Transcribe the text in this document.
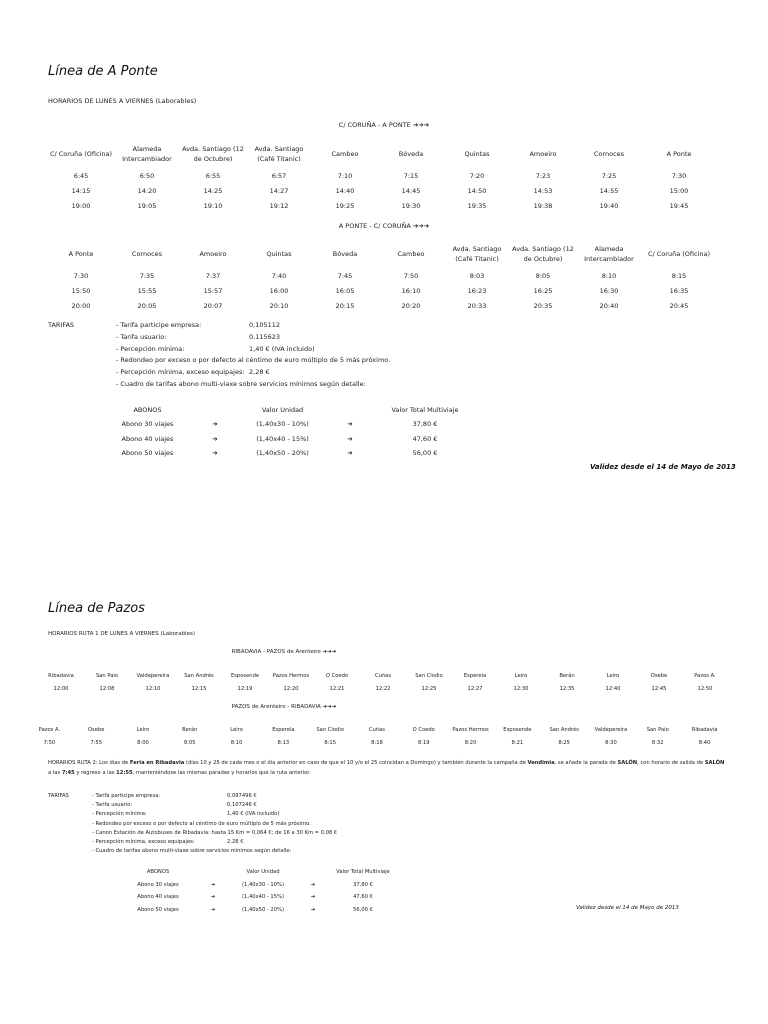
Línea de A Ponte
HORARIOS DE LUNES A VIERNES (Laborables)
C/ CORUÑA - A PONTE ➔➔➔
C/ Coruña (Oficina)	Alameda Intercambiador	Avda. Santiago (12 de Octubre)	Avda. Santiago (Café Titanic)	Cambeo	Bóveda	Quintas	Amoeiro	Cornoces	A Ponte
6:45	6:50	6:55	6:57	7:10	7:15	7:20	7:23	7:25	7:30
14:15	14:20	14:25	14:27	14:40	14:45	14:50	14:53	14:55	15:00
19:00	19:05	19:10	19:12	19:25	19:30	19:35	19:38	19:40	19:45
A PONTE - C/ CORUÑA ➔➔➔
A Ponte	Cornoces	Amoeiro	Quintas	Bóveda	Cambeo	Avda. Santiago (Café Titanic)	Avda. Santiago (12 de Octubre)	Alameda Intercambiador	C/ Coruña (Oficina)
7:30	7:35	7:37	7:40	7:45	7:50	8:03	8:05	8:10	8:15
15:50	15:55	15:57	16:00	16:05	16:10	16:23	16:25	16:30	16:35
20:00	20:05	20:07	20:10	20:15	20:20	20:33	20:35	20:40	20:45
TARIFAS	- Tarifa participe empresa:	0,105112
- Tarifa usuario:	0,115623
- Percepción mínima:	1,40 € (IVA incluido)
- Redondeo por exceso o por defecto al céntimo de euro múltiplo de 5 más próximo.
- Percepción mínima, exceso equipajes: 2,28 €
- Cuadro de tarifas abono multi-viaxe sobre servicios mínimos según detalle:
ABONOS		Valor Unidad		Valor Total Multiviaje
Abono 30 viajes	➔	(1,40x30 - 10%)	➔	37,80 €
Abono 40 viajes	➔	(1,40x40 - 15%)	➔	47,60 €
Abono 50 viajes	➔	(1,40x50 - 20%)	➔	56,00 €
Validez desde el 14 de Mayo de 2013
Línea de Pazos
HORARIOS RUTA 1 DE LUNES A VIERNES (Laborables)
RIBADAVIA - PAZOS de Arenteiro ➔➔➔
Ribadavia	San Paio	Valdepereira	San Andrés	Esposende	Pazos Hermos	O Coedo	Cuñas	San Clodio	Esperela	Leiro	Berán	Leiro	Osebe	Pazos A.
12:00	12:08	12:10	12:15	12:19	12:20	12:21	12:22	12:25	12:27	12:30	12:35	12:40	12:45	12:50
PAZOS de Arenteiro - RIBADAVIA ➔➔➔
Pazos A.	Osebe	Leiro	Berán	Leiro	Esperela	San Clodio	Cuñas	O Coedo	Pazos Hermos	Esposende	San Andrés	Valdepereira	San Paio	Ribadavia
7:50	7:55	8:00	8:05	8:10	8:13	8:15	8:18	8:19	8:20	8:21	8:25	8:30	8:32	8:40
HORARIOS RUTA 2: Los días de Feria en Ribadavia (días 10 y 25 de cada mes o el día anterior en caso de que el 10 y/o el 25 coincidan a Domingo) y también durante la campaña de Vendimia, se añade la parada de SALÓN, con horario de salida de SALÓN a las 7:45 y regreso a las 12:55, manteniéndose las mismas paradas y horarios que la ruta anterior.
TARIFAS	- Tarifa participe empresa:	0,097496 €
- Tarifa usuario:	0,107246 €
- Percepción mínima:	1,40 € (IVA incluido)
- Redondeo por exceso o por defecto al céntimo de euro múltiplo de 5 más próximo.
- Canon Estación de Autobuses de Ribadavia: hasta 15 Km = 0,064 €; de 16 a 30 Km = 0,08 €
- Percepción mínima, exceso equipajes:	2,28 €
- Cuadro de tarifas abono multi-viaxe sobre servicios mínimos según detalle:
ABONOS		Valor Unidad		Valor Total Multiviaje
Abono 30 viajes	➔	(1,40x30 - 10%)	➔	37,80 €
Abono 40 viajes	➔	(1,40x40 - 15%)	➔	47,60 €
Abono 50 viajes	➔	(1,40x50 - 20%)	➔	56,00 €	Validez desde el 14 de Mayo de 2013
